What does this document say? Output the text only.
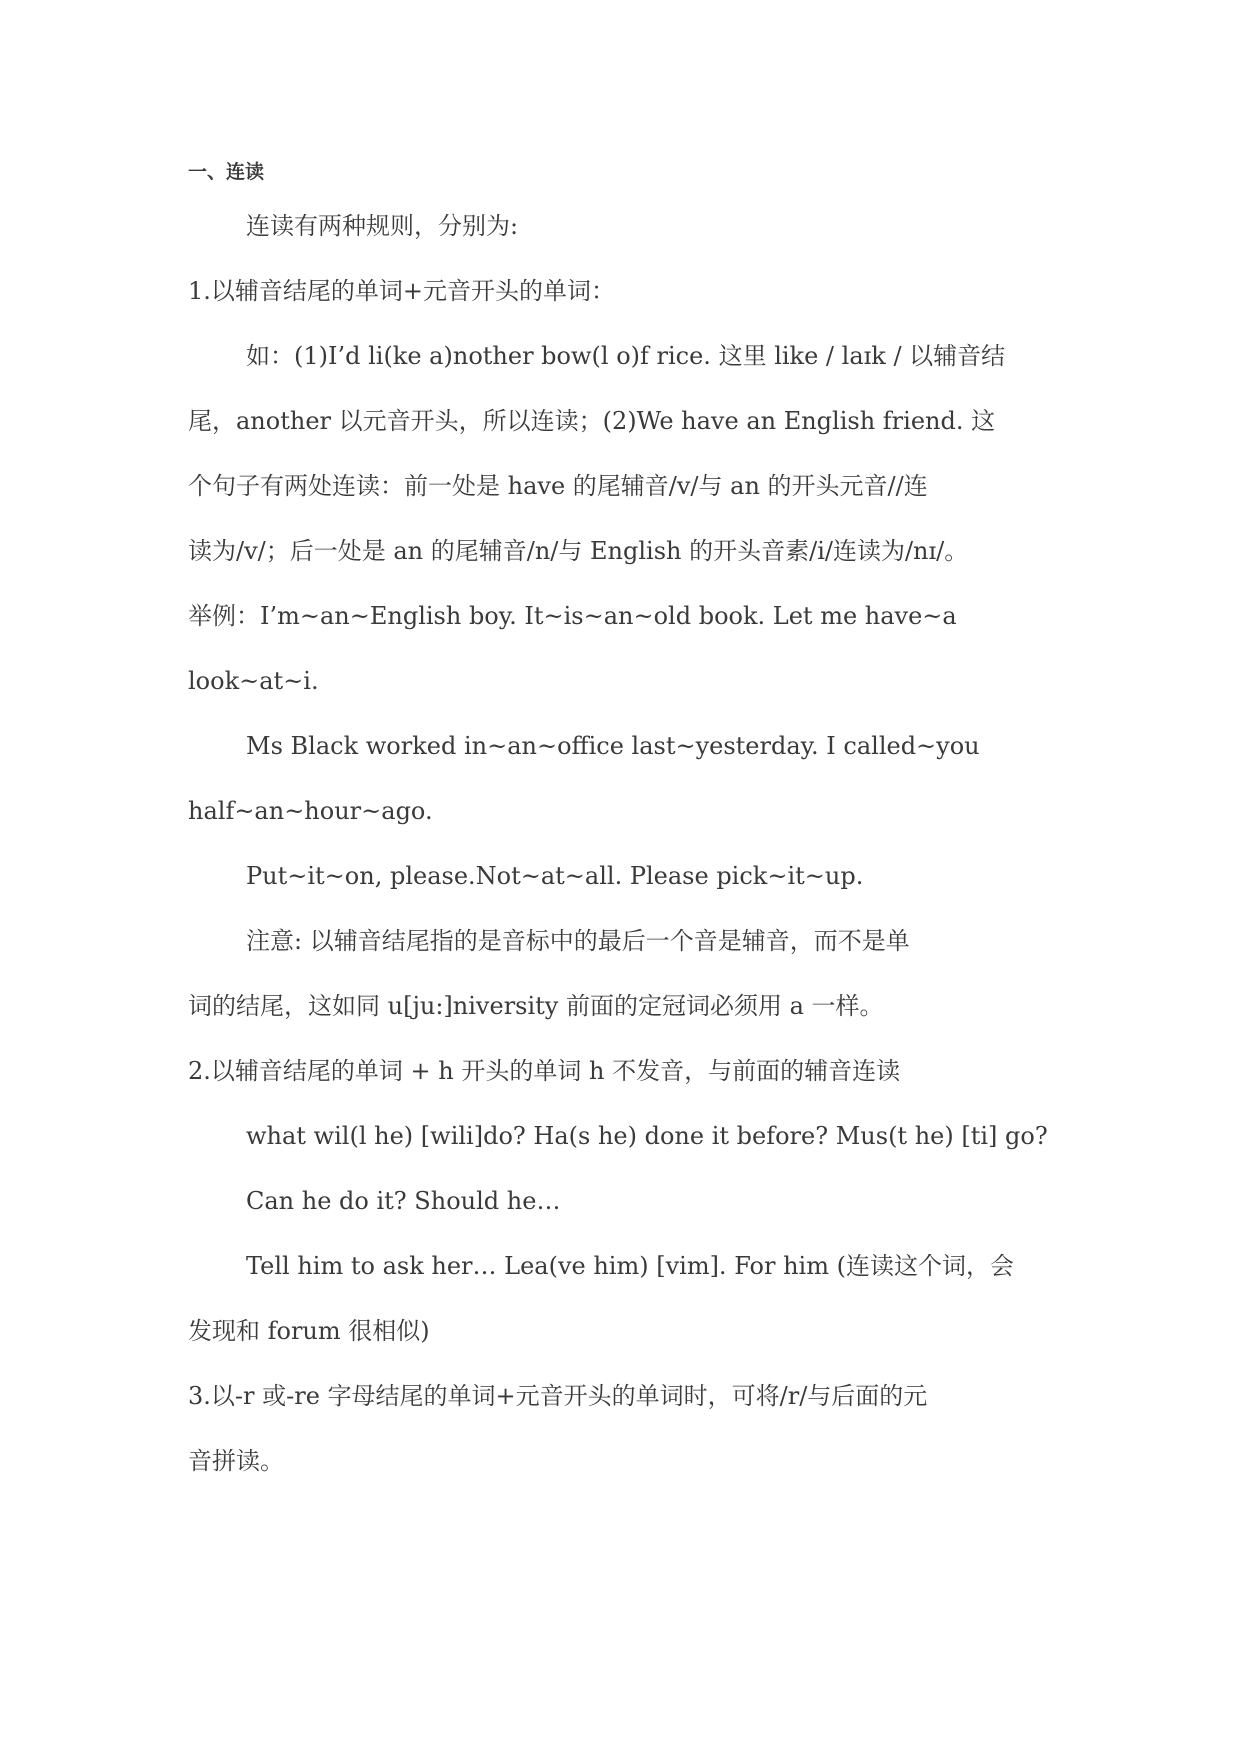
一、连读

连读有两种规则，分别为:

1.以辅音结尾的单词+元音开头的单词：

如：(1)I’d li(ke a)nother bow(l o)f rice. 这里 like / laɪk / 以辅音结

尾，another 以元音开头，所以连读；(2)We have an English friend. 这

个句子有两处连读：前一处是 have 的尾辅音/v/与 an 的开头元音//连

读为/v/；后一处是 an 的尾辅音/n/与 English 的开头音素/i/连读为/nɪ/。

举例：I’m~an~English boy. It~is~an~old book. Let me have~a

look~at~i.

Ms Black worked in~an~office last~yesterday. I called~you

half~an~hour~ago.

Put~it~on, please.Not~at~all. Please pick~it~up.

注意: 以辅音结尾指的是音标中的最后一个音是辅音，而不是单

词的结尾，这如同 u[ju:]niversity 前面的定冠词必须用 a 一样。

2.以辅音结尾的单词 + h 开头的单词 h 不发音，与前面的辅音连读

what wil(l he) [wili]do? Ha(s he) done it before? Mus(t he) [ti] go?

Can he do it? Should he…

Tell him to ask her… Lea(ve him) [vim]. For him (连读这个词，会

发现和 forum 很相似)

3.以-r 或-re 字母结尾的单词+元音开头的单词时，可将/r/与后面的元

音拼读。
